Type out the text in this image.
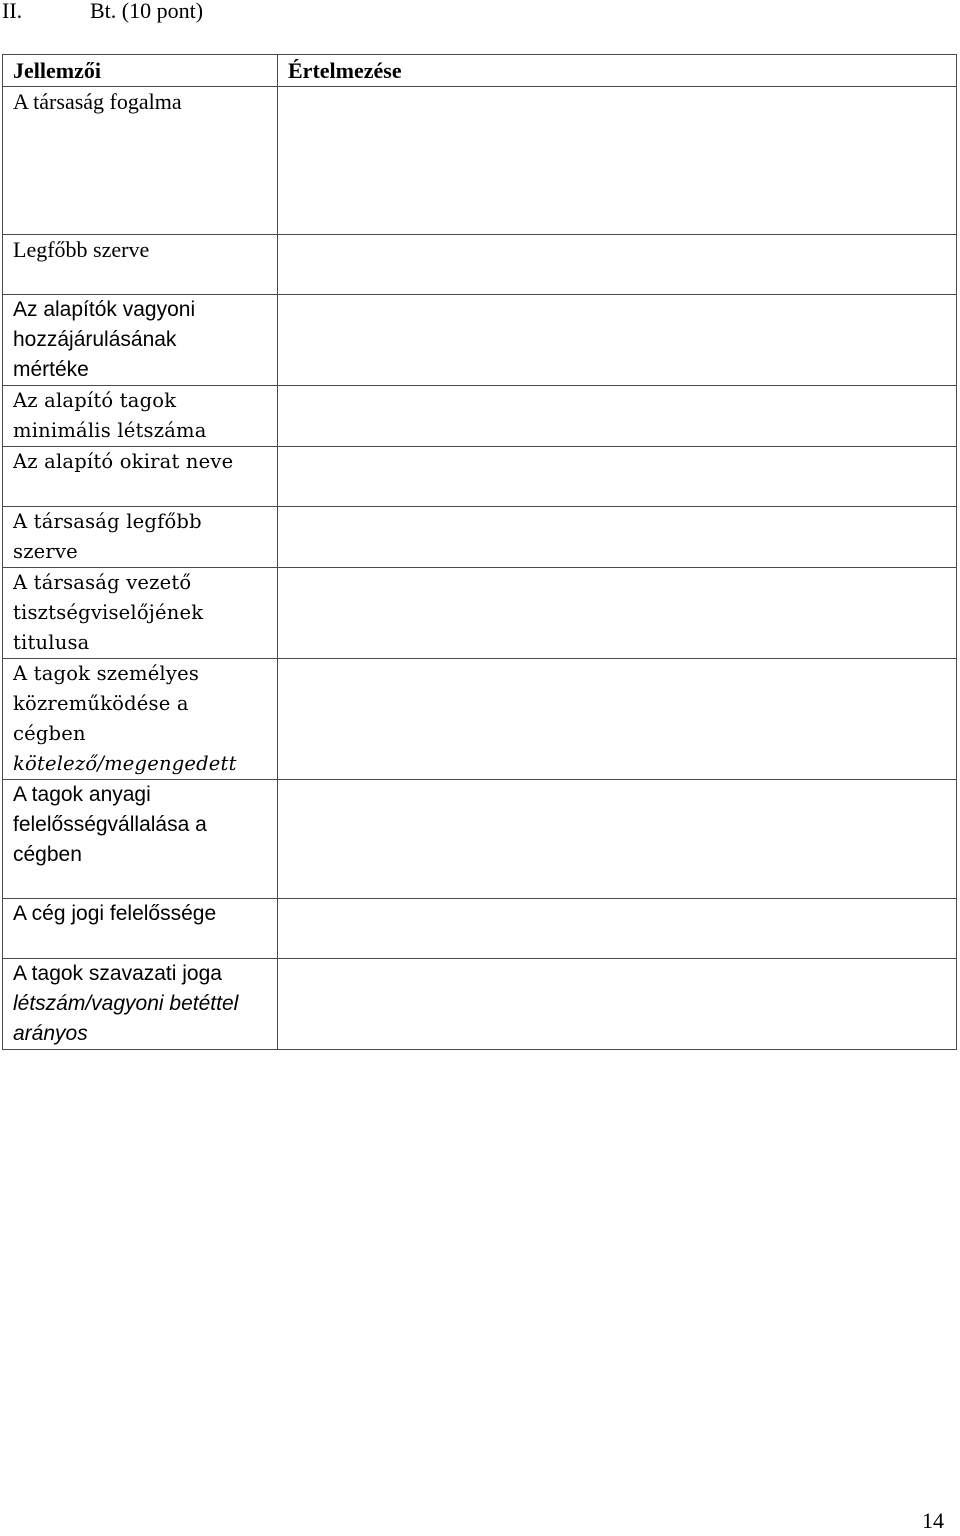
II.	Bt. (10 pont)
Jellemzői	Értelmezése

A társaság fogalma	

Legfőbb szerve	

Az alapítók vagyoni
hozzájárulásának
mértéke	

Az alapító tagok
minimális létszáma	

Az alapító okirat neve	

A társaság legfőbb
szerve	

A társaság vezető
tisztségviselőjének
titulusa	

A tagok személyes
közreműködése a
cégben
kötelező/megengedett	

A tagok anyagi
felelősségvállalása a
cégben	

A cég jogi felelőssége	

A tagok szavazati joga
létszám/vagyoni betéttel
arányos	

14
